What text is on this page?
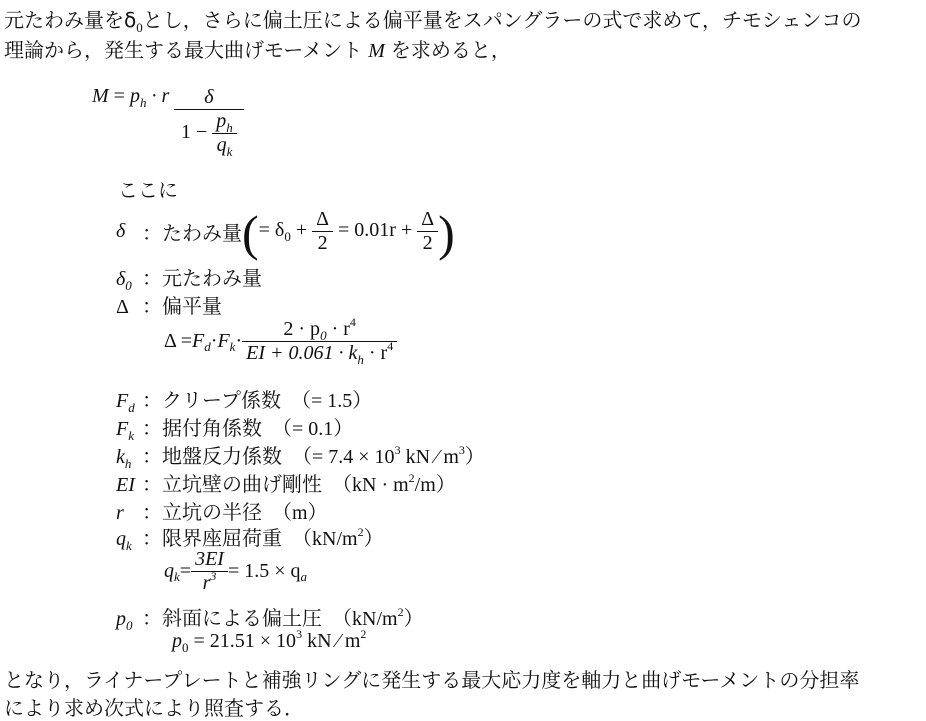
元たわみ量を$\delta_0$とし，さらに偏土圧による偏平量をスパングラーの式で求めて，チモシェンコの
理論から，発生する最大曲げモーメント M を求めると，
$M = p_h \cdot r \frac{\delta}{1 - \frac{p_h}{q_k}}$
ここに
δ ： たわみ量 ( = $\delta_0 + \frac{\Delta}{2} = 0.01r + \frac{\Delta}{2}$ )
$\delta_0$ ：元たわみ量
Δ ：偏平量
Δ = F d · F $k \cdot \frac{2 \cdot p_0 \cdot r^4}{EI + 0.061 \cdot k_h \cdot r^4}$
$F_d$ ：クリープ係数 （= 1.5）
$F_k$ ：据付角係数 （= 0.1）
$k_h$ ：地盤反力係数 （= $7.4 \times 10^3$ kN ⁄ $m^3$）
EI ：立坑壁の曲げ剛性 $(kN \cdot m^2/m)$
r ：立坑の半径 （m）
$q_k$ ：限界座屈荷重 $(kN/m^2)$
q $k = \frac{3EI}{r^3} = 1.5 \times q$ a
$p_0$ ：斜面による偏土圧 $(kN/m^2)$
$p_0 = 21.51 \times 10^3$ kN ⁄ $m^2$
となり，ライナープレートと補強リングに発生する最大応力度を軸力と曲げモーメントの分担率
により求め次式により照査する．
